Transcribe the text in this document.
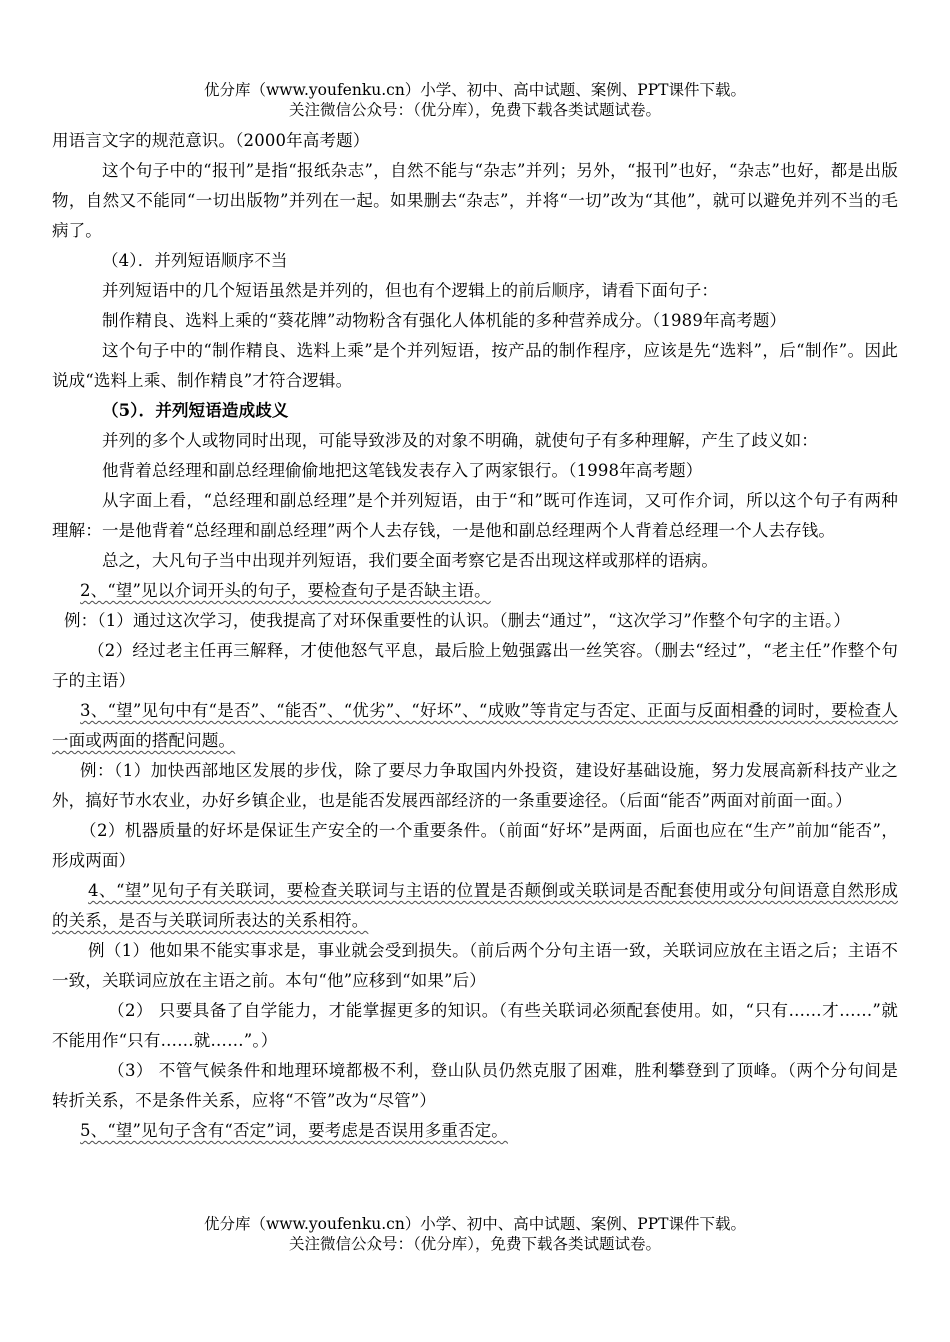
优分库（www.youfenku.cn）小学、初中、高中试题、案例、PPT课件下载。
关注微信公众号：（优分库），免费下载各类试题试卷。

用语言文字的规范意识。（2000年高考题）

这个句子中的“报刊”是指“报纸杂志”，自然不能与“杂志”并列；另外，“报刊”也好，“杂志”也好，都是出版物，自然又不能同“一切出版物”并列在一起。如果删去“杂志”，并将“一切”改为“其他”，就可以避免并列不当的毛病了。

（4）．并列短语顺序不当

并列短语中的几个短语虽然是并列的，但也有个逻辑上的前后顺序，请看下面句子：

制作精良、选料上乘的“葵花牌”动物粉含有强化人体机能的多种营养成分。（1989年高考题）

这个句子中的“制作精良、选料上乘”是个并列短语，按产品的制作程序，应该是先“选料”，后“制作”。因此说成“选料上乘、制作精良”才符合逻辑。

（5）．并列短语造成歧义

并列的多个人或物同时出现，可能导致涉及的对象不明确，就使句子有多种理解，产生了歧义如：

他背着总经理和副总经理偷偷地把这笔钱发表存入了两家银行。（1998年高考题）

从字面上看，“总经理和副总经理”是个并列短语，由于“和”既可作连词，又可作介词，所以这个句子有两种理解：一是他背着“总经理和副总经理”两个人去存钱，一是他和副总经理两个人背着总经理一个人去存钱。

总之，大凡句子当中出现并列短语，我们要全面考察它是否出现这样或那样的语病。

2、“望”见以介词开头的句子，要检查句子是否缺主语。

例：（1）通过这次学习，使我提高了对环保重要性的认识。（删去“通过”，“这次学习”作整个句字的主语。）

（2）经过老主任再三解释，才使他怒气平息，最后脸上勉强露出一丝笑容。（删去“经过”，“老主任”作整个句子的主语）

3、“望”见句中有“是否”、“能否”、“优劣”、“好坏”、“成败”等肯定与否定、正面与反面相叠的词时，要检查人一面或两面的搭配问题。

例：（1）加快西部地区发展的步伐，除了要尽力争取国内外投资，建设好基础设施，努力发展高新科技产业之外，搞好节水农业，办好乡镇企业，也是能否发展西部经济的一条重要途径。（后面“能否”两面对前面一面。）

（2）机器质量的好坏是保证生产安全的一个重要条件。（前面“好坏”是两面，后面也应在“生产”前加“能否”，形成两面）

4、“望”见句子有关联词，要检查关联词与主语的位置是否颠倒或关联词是否配套使用或分句间语意自然形成的关系，是否与关联词所表达的关系相符。

例（1）他如果不能实事求是，事业就会受到损失。（前后两个分句主语一致，关联词应放在主语之后；主语不一致，关联词应放在主语之前。本句“他”应移到“如果”后）

（2） 只要具备了自学能力，才能掌握更多的知识。（有些关联词必须配套使用。如，“只有……才……”就不能用作“只有……就……”。）

（3） 不管气候条件和地理环境都极不利，登山队员仍然克服了困难，胜利攀登到了顶峰。（两个分句间是转折关系，不是条件关系，应将“不管”改为“尽管”）

5、“望”见句子含有“否定”词，要考虑是否误用多重否定。

优分库（www.youfenku.cn）小学、初中、高中试题、案例、PPT课件下载。
关注微信公众号：（优分库），免费下载各类试题试卷。
